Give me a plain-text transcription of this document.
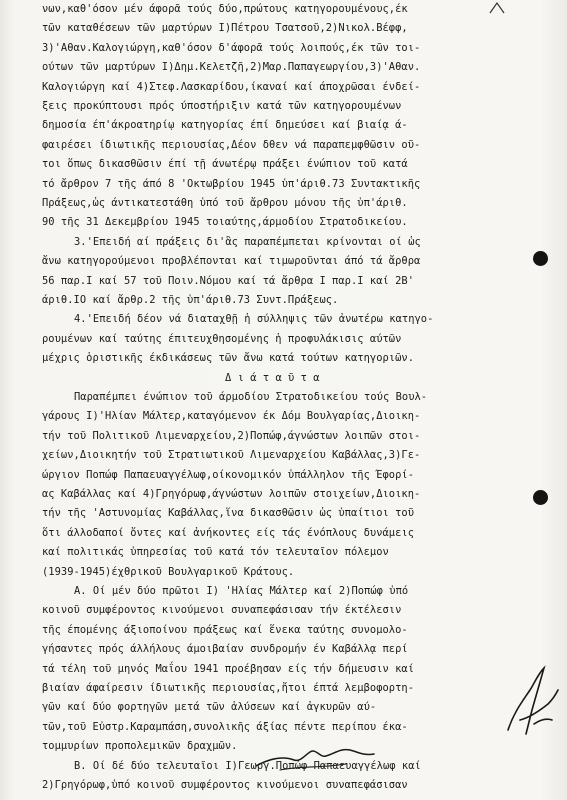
νων,καθ'όσον μέν άφορᾶ τούς δύο,πρώτους κατηγορουμένους,έκ
τῶν καταθέσεων τῶν μαρτύρων Ι)Πέτρου Τσατσοῦ,2)Νικολ.Βέφφ,
3)'Αθαν.Καλογιώργη,καθ'όσον δ'άφορᾶ τούς λοιπούς,έκ τῶν τοι-
ούτων τῶν μαρτύρων Ι)Δημ.Κελετζῆ,2)Μαρ.Παπαγεωργίου,3)'Αθαν.
Καλογιώργη καί 4)Στεφ.Λασκαρίδου,ίκαναί καί άποχρῶσαι ένδεί-
ξεις προκύπτουσι πρός ύποστήριξιν κατά τῶν κατηγορουμένων
δημοσία έπ'άκροατηρίῳ κατηγορίας έπί δημεύσει καί βιαίᾳ ά-
φαιρέσει ίδιωτικῆς περιουσίας,Δέον δθεν νά παραπεμφθῶσιν οῦ-
τοι ὅπως δικασθῶσιν έπί τῇ άνωτέρῳ πράξει ένώπιον τοῦ κατά
τό ἄρθρον 7 τῆς άπό 8 'Οκτωβρίου 1945 ὑπ'άριθ.73 Συντακτικῆς
Πράξεως,ὡς άντικατεστάθη ὑπό τοῦ ἄρθρου μόνου τῆς ὑπ'άριθ.
90 τῆς 31 Δεκεμβρίου 1945 τοιαύτης,άρμοδίου Στρατοδικείου.
3.'Επειδή αί πράξεις δι'ἃς παραπέμπεται κρίνονται οί ὡς
ἄνω κατηγορούμενοι προβλέπονται καί τιμωροῦνται άπό τά ἄρθρα
56 παρ.Ι καί 57 τοῦ Ποιν.Νόμου καί τά ἄρθρα Ι παρ.Ι καί 2Β'
άριθ.ΙΟ καί ἄρθρ.2 τῆς ὑπ'άριθ.73 Συντ.Πράξεως.
4.'Επειδή δέον νά διαταχθῇ ἡ σύλληψις τῶν ἀνωτέρω κατηγο-
ρουμένων καί ταύτης έπιτευχθησομένης ἡ προφυλάκισις αύτῶν
μέχρις ὁριστικῆς έκδικάσεως τῶν ἄνω κατά τούτων κατηγοριῶν.
Δ ι ά τ α ῦ τ α
Παραπέμπει ένώπιον τοῦ άρμοδίου Στρατοδικείου τούς Βουλ-
γάρους Ι)'Ηλίαν Μάλτερ,καταγόμενον έκ Δόμ Βουλγαρίας,Διοικη-
τήν τοῦ Πολιτικοῦ Λιμεναρχείου,2)Ποπώφ,άγνώστων λοιπῶν στοι-
χείων,Διοικητήν τοῦ Στρατιωτικοῦ Λιμεναρχείου Καβάλλας,3)Γε-
ώργιον Ποπώφ Παπαευαγγέλωφ,οίκονομικόν ὑπάλληλον τῆς Έφορί-
ας Καβάλλας καί 4)Γρηγόρωφ,άγνώστων λοιπῶν στοιχείων,Διοικη-
τήν τῆς 'Αστυνομίας Καβάλλας,ἵνα δικασθῶσιν ὡς ὑπαίτιοι τοῦ
ὅτι άλλοδαποί ὄντες καί ἀνήκοντες είς τάς ένόπλους δυνάμεις
καί πολιτικάς ὑπηρεσίας τοῦ κατά τόν τελευταῖον πόλεμον
(1939-1945)έχθρικοῦ Βουλγαρικοῦ Κράτους.
Α. Οί μέν δύο πρῶτοι Ι) 'Ηλίας Μάλτερ καί 2)Ποπώφ ὑπό
κοινοῦ συμφέροντος κινούμενοι συναπεφάσισαν τήν έκτέλεσιν
τῆς έπομένης άξιοποίνου πράξεως καί ἕνεκα ταύτης συνομολο-
γήσαντες πρός άλλήλους άμοιβαίαν συνδρομήν έν Καβάλλᾳ περί
τά τέλη τοῦ μηνός Μαΐου 1941 προέβησαν είς τήν δήμευσιν καί
βιαίαν άφαίρεσιν ίδιωτικῆς περιουσίας,ἤτοι έπτά λεμβοφορτη-
γῶν καί δύο φορτηγῶν μετά τῶν ἁλύσεων καί ἀγκυρῶν αύ-
τῶν,τοῦ Εὐστρ.Καραμπάση,συνολικῆς άξίας πέντε περίπου έκα-
τομμυρίων προπολεμικῶν δραχμῶν.
Β. Οί δέ δύο τελευταῖοι Ι)Γεωργ.Ποπώφ Παπαευαγγέλωφ καί
2)Γρηγόρωφ,ὑπό κοινοῦ συμφέροντος κινούμενοι συναπεφάσισαν
